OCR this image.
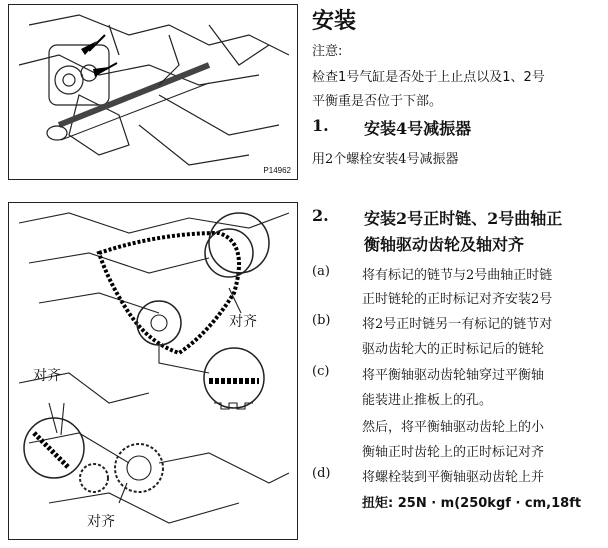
P14962
对齐
对齐
对齐
安装
注意:
检查1号气缸是否处于上止点以及1、2号
平衡重是否位于下部。
1. 安装4号减振器
用2个螺栓安装4号减振器
2. 安装2号正时链、2号曲轴正
衡轴驱动齿轮及轴对齐
(a) 将有标记的链节与2号曲轴正时链
正时链轮的正时标记对齐安装2号
(b) 将2号正时链另一有标记的链节对
驱动齿轮大的正时标记后的链轮
(c)	将平衡轴驱动齿轮轴穿过平衡轴
能装进止推板上的孔。
然后，将平衡轴驱动齿轮上的小
衡轴正时齿轮上的正时标记对齐
(d) 将螺栓装到平衡轴驱动齿轮上并
扭矩: 25N · m(250kgf · cm,18ft
